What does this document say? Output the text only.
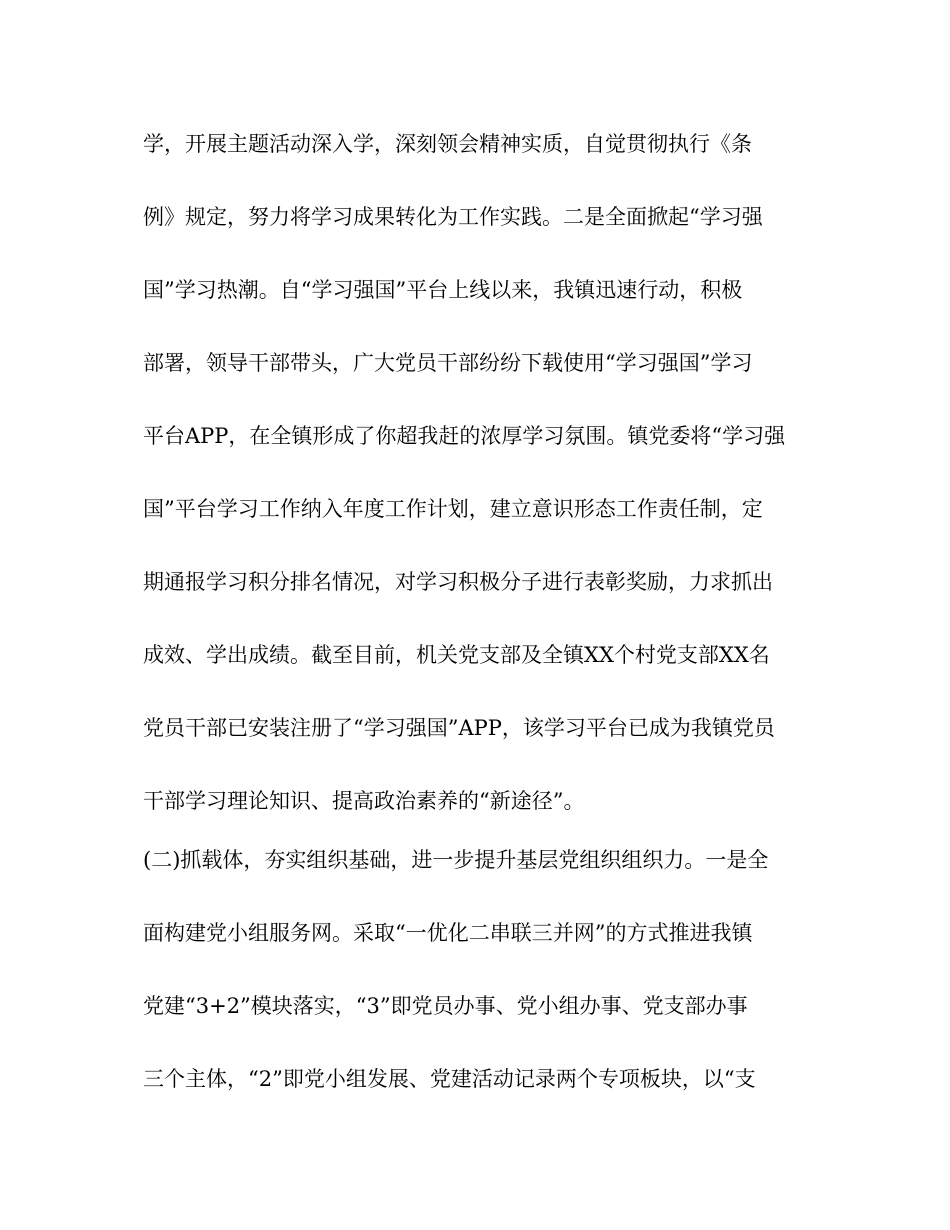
学，开展主题活动深入学，深刻领会精神实质，自觉贯彻执行《条
例》规定，努力将学习成果转化为工作实践。二是全面掀起“学习强
国”学习热潮。自“学习强国”平台上线以来，我镇迅速行动，积极
部署，领导干部带头，广大党员干部纷纷下载使用“学习强国”学习
平台APP，在全镇形成了你超我赶的浓厚学习氛围。镇党委将“学习强
国”平台学习工作纳入年度工作计划，建立意识形态工作责任制，定
期通报学习积分排名情况，对学习积极分子进行表彰奖励，力求抓出
成效、学出成绩。截至目前，机关党支部及全镇XX个村党支部XX名
党员干部已安装注册了“学习强国”APP，该学习平台已成为我镇党员
干部学习理论知识、提高政治素养的“新途径”。
(二)抓载体，夯实组织基础，进一步提升基层党组织组织力。一是全
面构建党小组服务网。采取“一优化二串联三并网”的方式推进我镇
党建“3+2”模块落实，“3”即党员办事、党小组办事、党支部办事
三个主体，“2”即党小组发展、党建活动记录两个专项板块，以“支
